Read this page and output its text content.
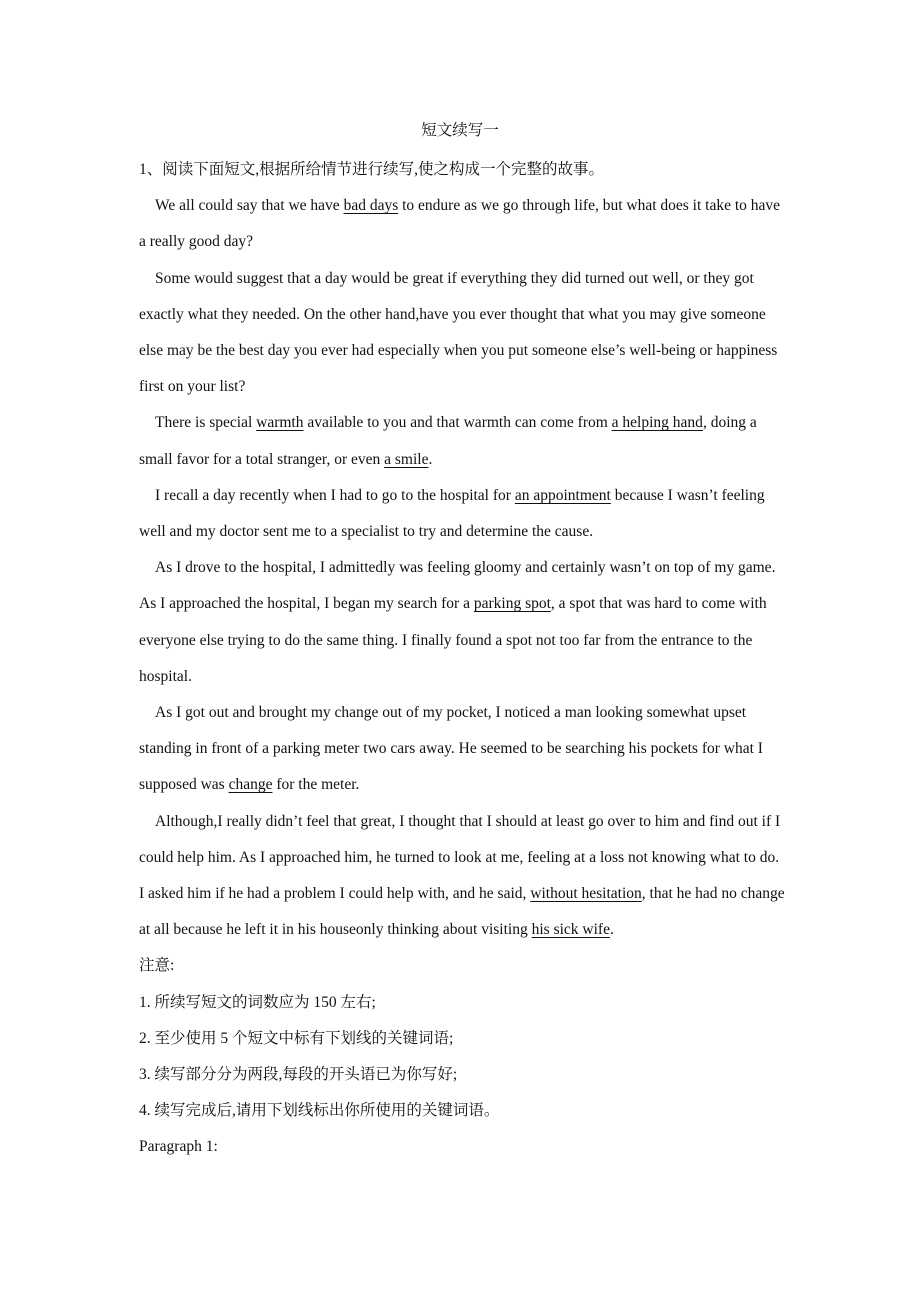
短文续写一

1、阅读下面短文,根据所给情节进行续写,使之构成一个完整的故事。

We all could say that we have bad days to endure as we go through life, but what does it take to have a really good day?

Some would suggest that a day would be great if everything they did turned out well, or they got exactly what they needed. On the other hand,have you ever thought that what you may give someone else may be the best day you ever had especially when you put someone else’s well-being or happiness first on your list?

There is special warmth available to you and that warmth can come from a helping hand, doing a small favor for a total stranger, or even a smile.

I recall a day recently when I had to go to the hospital for an appointment because I wasn’t feeling well and my doctor sent me to a specialist to try and determine the cause.

As I drove to the hospital, I admittedly was feeling gloomy and certainly wasn’t on top of my game. As I approached the hospital, I began my search for a parking spot, a spot that was hard to come with everyone else trying to do the same thing. I finally found a spot not too far from the entrance to the hospital.

As I got out and brought my change out of my pocket, I noticed a man looking somewhat upset standing in front of a parking meter two cars away. He seemed to be searching his pockets for what I supposed was change for the meter.

Although,I really didn’t feel that great, I thought that I should at least go over to him and find out if I could help him. As I approached him, he turned to look at me, feeling at a loss not knowing what to do. I asked him if he had a problem I could help with, and he said, without hesitation, that he had no change at all because he left it in his houseonly thinking about visiting his sick wife.

注意:

1. 所续写短文的词数应为 150 左右;

2. 至少使用 5 个短文中标有下划线的关键词语;

3. 续写部分分为两段,每段的开头语已为你写好;

4. 续写完成后,请用下划线标出你所使用的关键词语。

Paragraph 1:
